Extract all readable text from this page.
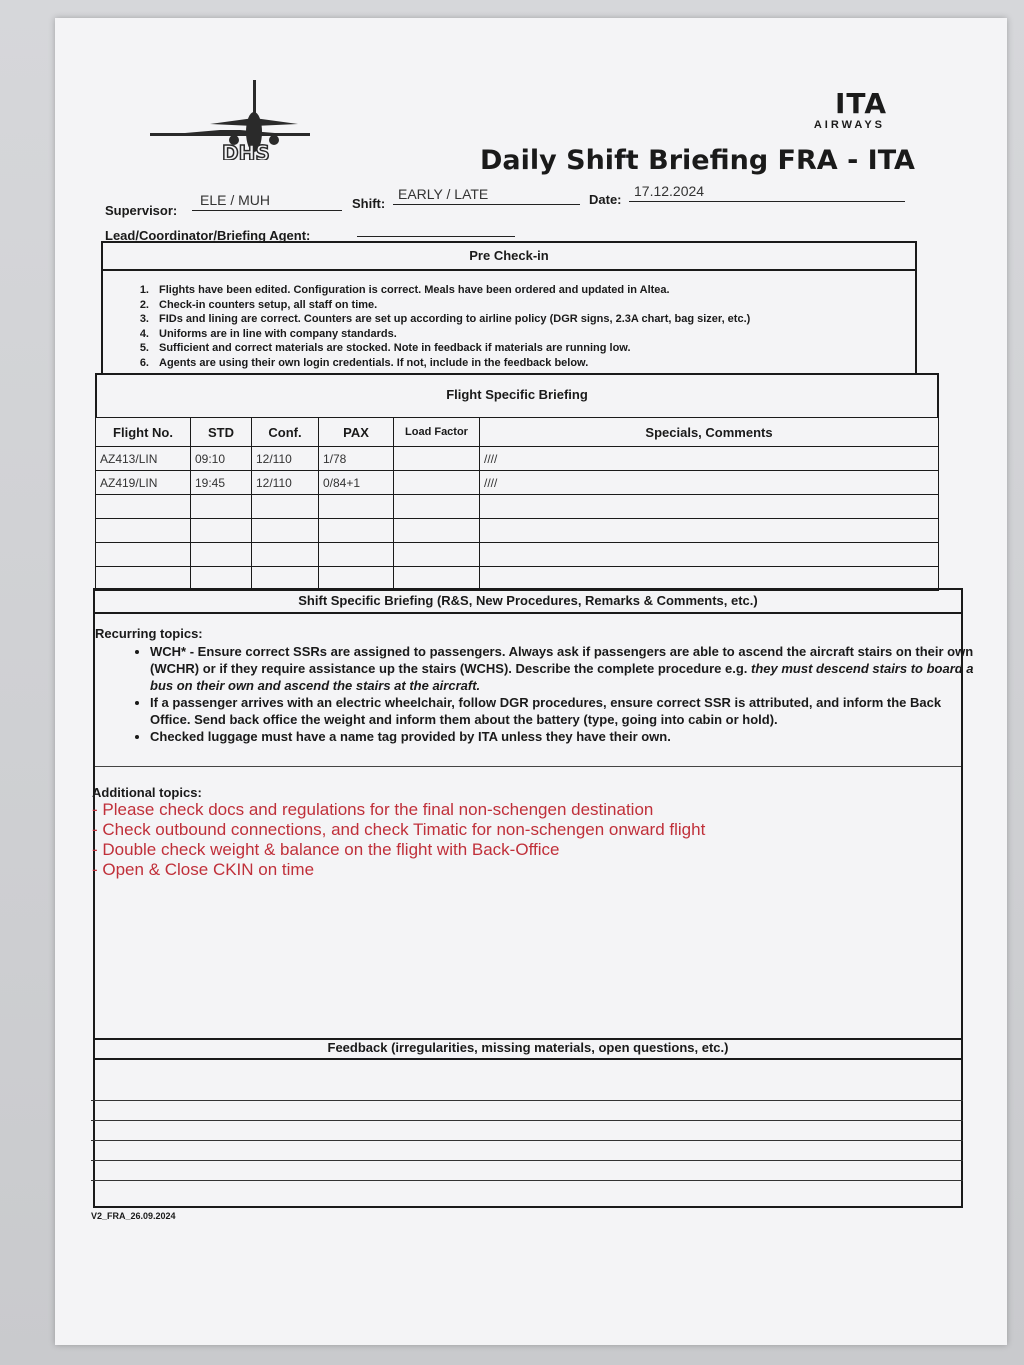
DHS
ITA
AIRWAYS
Daily Shift Briefing FRA - ITA
Supervisor:
ELE / MUH	Shift:
EARLY / LATE	Date:
17.12.2024
Lead/Coordinator/Briefing Agent:
Pre Check-in
1. Flights have been edited. Configuration is correct. Meals have been ordered and updated in Altea.
2. Check-in counters setup, all staff on time.
3. FIDs and lining are correct. Counters are set up according to airline policy (DGR signs, 2.3A chart, bag sizer, etc.)
4. Uniforms are in line with company standards.
5. Sufficient and correct materials are stocked. Note in feedback if materials are running low.
6. Agents are using their own login credentials. If not, include in the feedback below.
Flight Specific Briefing
Flight No.	STD	Conf.	PAX	Load Factor	Specials, Comments
AZ413/LIN	09:10	12/110	1/78		////
AZ419/LIN	19:45	12/110	0/84+1		////

Shift Specific Briefing (R&S, New Procedures, Remarks & Comments, etc.)
Recurring topics:
• WCH* - Ensure correct SSRs are assigned to passengers. Always ask if passengers are able to ascend the aircraft stairs on their own (WCHR) or if they require assistance up the stairs (WCHS). Describe the complete procedure e.g. they must descend stairs to board a bus on their own and ascend the stairs at the aircraft.
• If a passenger arrives with an electric wheelchair, follow DGR procedures, ensure correct SSR is attributed, and inform the Back Office. Send back office the weight and inform them about the battery (type, going into cabin or hold).
• Checked luggage must have a name tag provided by ITA unless they have their own.
Additional topics:
- Please check docs and regulations for the final non-schengen destination
- Check outbound connections, and check Timatic for non-schengen onward flight
- Double check weight & balance on the flight with Back-Office
- Open & Close CKIN on time
Feedback (irregularities, missing materials, open questions, etc.)
V2_FRA_26.09.2024
